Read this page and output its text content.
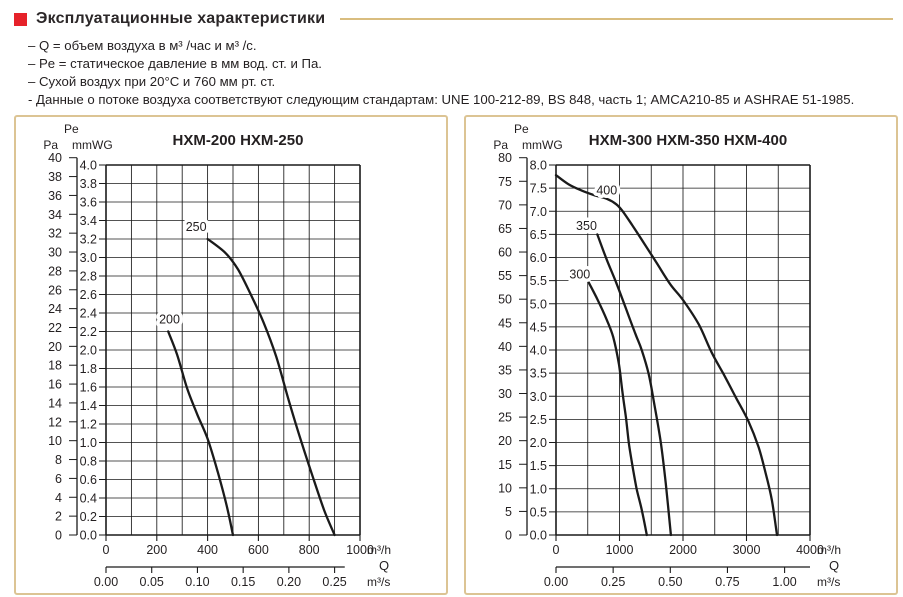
Эксплуатационные характеристики
– Q = объем воздуха в м³ /час и м³ /с.
– Pe = статическое давление в мм вод. ст. и Па.
– Сухой воздух при 20°C и 760 мм рт. ст.
- Данные о потоке воздуха соответствуют следующим стандартам: UNE 100-212-89, BS 848, часть 1; AMCA210-85 и ASHRAE 51-1985.
Pe
Pa mmWG	HXM-200 HXM-250
4.0
3.8
3.6
3.4
3.2
3.0
2.8
2.6
2.4
2.2
2.0
1.8
1.6
1.4
1.2
1.0
0.8
0.6
0.4
0.2
0.0
0
2
4
6
8
10
12
14
16
18
20
22
24
26
28
30
32
34
36
38
40
0	200 400 600 800 1000
m³/h
Q
0.00 0.05 0.10 0.15 0.20 0.25 m³/s
200
250
Pe
Pa mmWG HXM-300 HXM-350 HXM-400
8.0
7.5
7.0
6.5
6.0
5.5
5.0
4.5
4.0
3.5
3.0
2.5
2.0
1.5
1.0
0.5
0.0
0
5
10
15
20
25
30
35
40
45
50
55
60
65
70
75
80
0	1000	2000	3000	4000
m³/h
Q
0.00	0.25	0.50	0.75	1.00 m³/s
300
350
400
